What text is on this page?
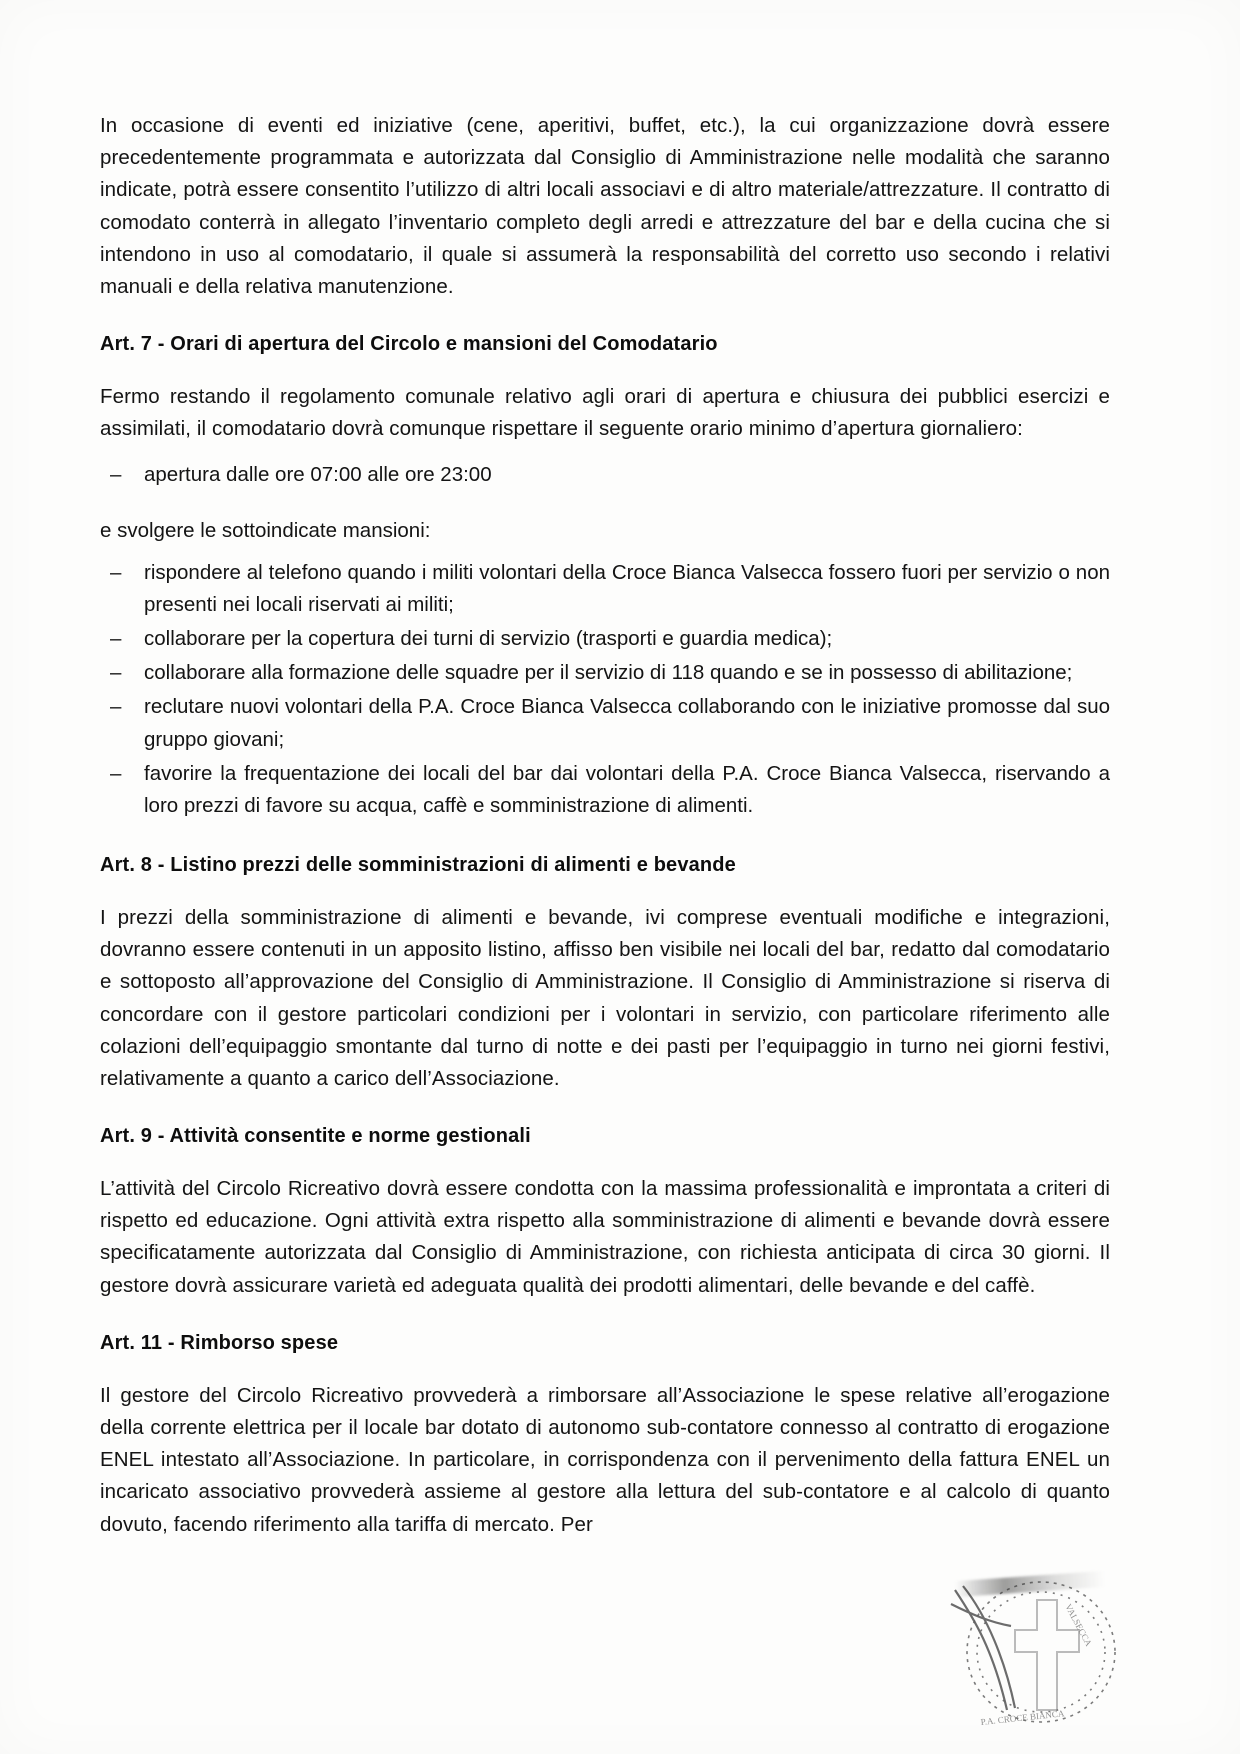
In occasione di eventi ed iniziative (cene, aperitivi, buffet, etc.), la cui organizzazione dovrà essere precedentemente programmata e autorizzata dal Consiglio di Amministrazione nelle modalità che saranno indicate, potrà essere consentito l’utilizzo di altri locali associavi e di altro materiale/attrezzature. Il contratto di comodato conterrà in allegato l’inventario completo degli arredi e attrezzature del bar e della cucina che si intendono in uso al comodatario, il quale si assumerà la responsabilità del corretto uso secondo i relativi manuali e della relativa manutenzione.

Art. 7 - Orari di apertura del Circolo e mansioni del Comodatario

Fermo restando il regolamento comunale relativo agli orari di apertura e chiusura dei pubblici esercizi e assimilati, il comodatario dovrà comunque rispettare il seguente orario minimo d’apertura giornaliero:

– apertura dalle ore 07:00 alle ore 23:00

e svolgere le sottoindicate mansioni:

– rispondere al telefono quando i militi volontari della Croce Bianca Valsecca fossero fuori per servizio o non presenti nei locali riservati ai militi;
– collaborare per la copertura dei turni di servizio (trasporti e guardia medica);
– collaborare alla formazione delle squadre per il servizio di 118 quando e se in possesso di abilitazione;
– reclutare nuovi volontari della P.A. Croce Bianca Valsecca collaborando con le iniziative promosse dal suo gruppo giovani;
– favorire la frequentazione dei locali del bar dai volontari della P.A. Croce Bianca Valsecca, riservando a loro prezzi di favore su acqua, caffè e somministrazione di alimenti.

Art. 8 - Listino prezzi delle somministrazioni di alimenti e bevande

I prezzi della somministrazione di alimenti e bevande, ivi comprese eventuali modifiche e integrazioni, dovranno essere contenuti in un apposito listino, affisso ben visibile nei locali del bar, redatto dal comodatario e sottoposto all’approvazione del Consiglio di Amministrazione. Il Consiglio di Amministrazione si riserva di concordare con il gestore particolari condizioni per i volontari in servizio, con particolare riferimento alle colazioni dell’equipaggio smontante dal turno di notte e dei pasti per l’equipaggio in turno nei giorni festivi, relativamente a quanto a carico dell’Associazione.

Art. 9 - Attività consentite e norme gestionali

L’attività del Circolo Ricreativo dovrà essere condotta con la massima professionalità e improntata a criteri di rispetto ed educazione. Ogni attività extra rispetto alla somministrazione di alimenti e bevande dovrà essere specificatamente autorizzata dal Consiglio di Amministrazione, con richiesta anticipata di circa 30 giorni. Il gestore dovrà assicurare varietà ed adeguata qualità dei prodotti alimentari, delle bevande e del caffè.

Art. 11 - Rimborso spese

Il gestore del Circolo Ricreativo provvederà a rimborsare all’Associazione le spese relative all’erogazione della corrente elettrica per il locale bar dotato di autonomo sub-contatore connesso al contratto di erogazione ENEL intestato all’Associazione. In particolare, in corrispondenza con il pervenimento della fattura ENEL un incaricato associativo provvederà assieme al gestore alla lettura del sub-contatore e al calcolo di quanto dovuto, facendo riferimento alla tariffa di mercato. Per

P.A. CROCE BIANCA
VALSECCA
